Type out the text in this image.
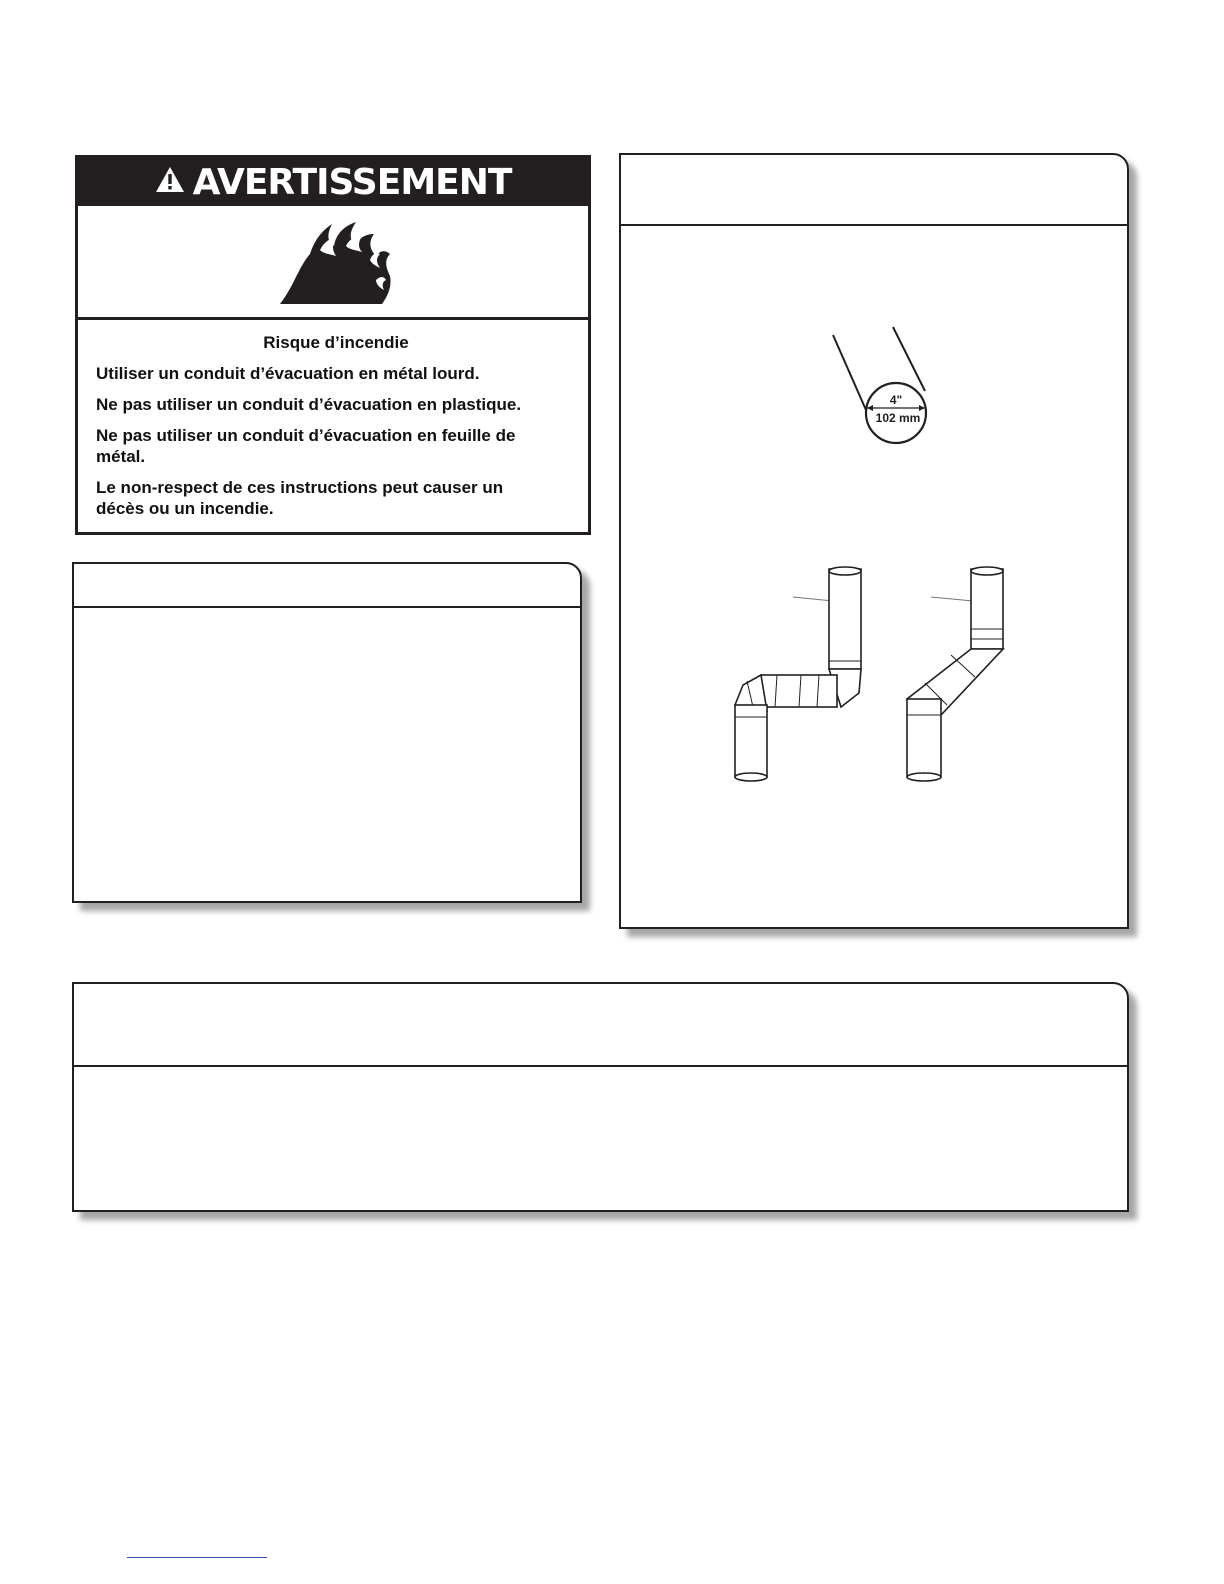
AVERTISSEMENT
Risque d’incendie

Utiliser un conduit d’évacuation en métal lourd.

Ne pas utiliser un conduit d’évacuation en plastique.

Ne pas utiliser un conduit d’évacuation en feuille de métal.

Le non-respect de ces instructions peut causer un décès ou un incendie.

4"
102 mm
